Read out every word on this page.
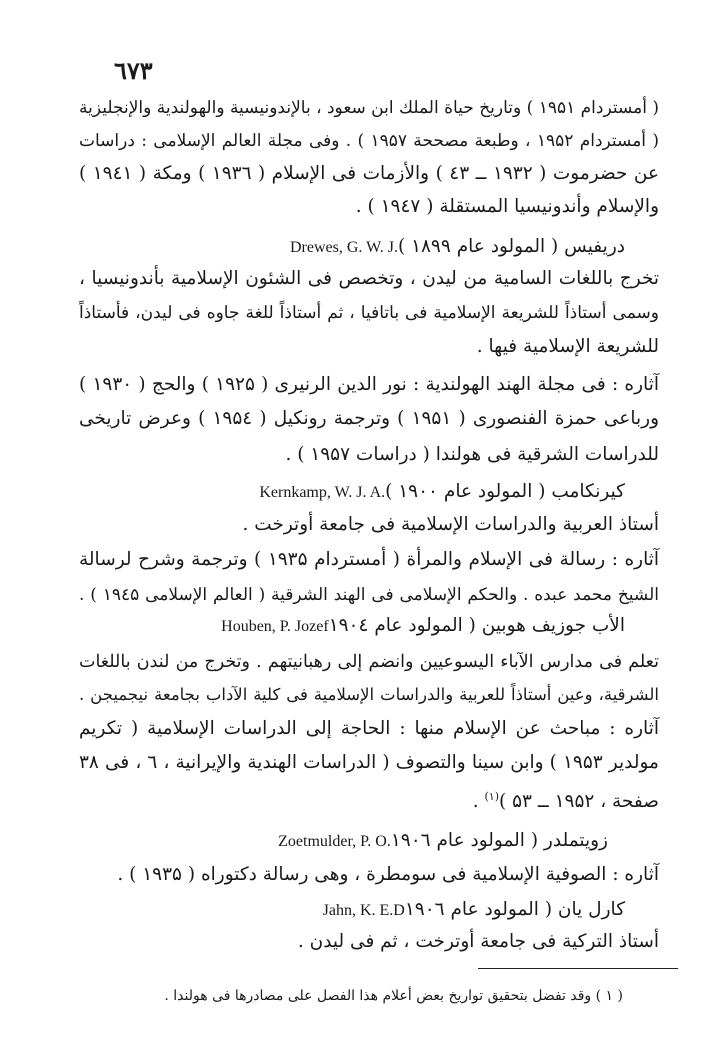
٦٧٣
( أمستردام ۱۹۵۱ ) وتاريخ حياة الملك ابن سعود ، بالإندونيسية والهولندية والإنجليزية
( أمستردام ۱۹۵۲ ، وطبعة مصححة ۱۹۵۷ ) . وفى مجلة العالم الإسلامى : دراسات
عن حضرموت ( ۱۹۳۲ ــ ٤۳ ) والأزمات فى الإسلام ( ۱۹۳٦ ) ومكة ( ۱۹٤۱ )
والإسلام وأندونيسيا المستقلة ( ۱۹٤۷ ) .
دريفيس ( المولود عام ۱۸۹۹ )Drewes, G. W. J.
تخرج باللغات السامية من ليدن ، وتخصص فى الشئون الإسلامية بأندونيسيا ،
وسمى أستاذاً للشريعة الإسلامية فى باتافيا ، ثم أستاذاً للغة جاوه فى ليدن، فأستاذاً
للشريعة الإسلامية فيها .
آثاره : فى مجلة الهند الهولندية : نور الدين الرنيرى ( ۱۹۲۵ ) والحج ( ۱۹۳۰ )
ورباعى حمزة الفنصورى ( ۱۹۵۱ ) وترجمة رونكيل ( ۱۹۵٤ ) وعرض تاريخى
للدراسات الشرقية فى هولندا ( دراسات ۱۹۵۷ ) .
كيرنكامب ( المولود عام ۱۹۰۰ )Kernkamp, W. J. A.
أستاذ العربية والدراسات الإسلامية فى جامعة أوترخت .
آثاره : رسالة فى الإسلام والمرأة ( أمستردام ۱۹۳۵ ) وترجمة وشرح لرسالة
الشيخ محمد عبده . والحكم الإسلامى فى الهند الشرقية ( العالم الإسلامى ۱۹٤۵ ) .
الأب جوزيف هوبين ( المولود عام ۱۹۰٤Houben, P. Jozef
تعلم فى مدارس الآباء اليسوعيين وانضم إلى رهبانيتهم . وتخرج من لندن باللغات
الشرقية، وعين أستاذاً للعربية والدراسات الإسلامية فى كلية الآداب بجامعة نيجميجن .
آثاره : مباحث عن الإسلام منها : الحاجة إلى الدراسات الإسلامية ( تكريم
مولدير ۱۹۵۳ ) وابن سينا والتصوف ( الدراسات الهندية والإيرانية ، ٦ ، فى ۳۸
صفحة ، ۱۹۵۲ ــ ۵۳ )$^{(۱)}$ .
زويتملدر ( المولود عام ۱۹۰٦Zoetmulder, P. O.
آثاره : الصوفية الإسلامية فى سومطرة ، وهى رسالة دكتوراه ( ۱۹۳۵ ) .
كارل يان ( المولود عام ۱۹۰٦Jahn, K. E.D
أستاذ التركية فى جامعة أوترخت ، ثم فى ليدن .
( ۱ ) وقد تفضل بتحقيق تواريخ بعض أعلام هذا الفصل على مصادرها فى هولندا .
